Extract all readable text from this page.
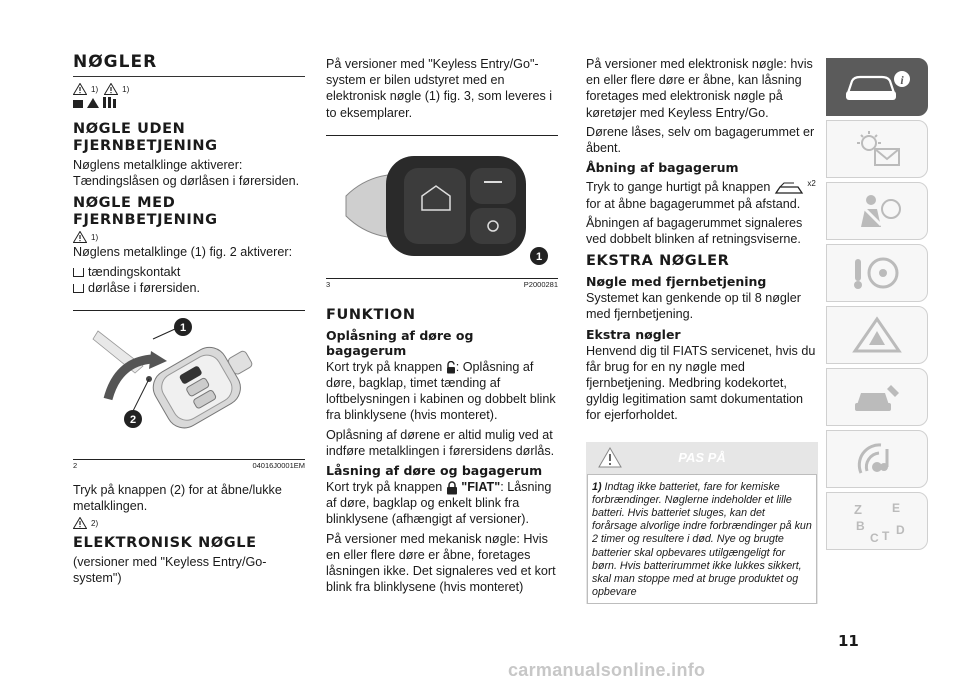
NØGLER
1)	1)
NØGLE UDEN FJERNBETJENING
Nøglens metalklinge aktiverer: Tændingslåsen og dørlåsen i førersiden.
NØGLE MED FJERNBETJENING
1)
Nøglens metalklinge (1) fig. 2 aktiverer:
tændingskontakt
dørlåse i førersiden.
1
2
2	04016J0001EM
Tryk på knappen (2) for at åbne/lukke metalklingen.
2)
ELEKTRONISK NØGLE
(versioner med "Keyless Entry/Go-system")
På versioner med "Keyless Entry/Go"-system er bilen udstyret med en elektronisk nøgle (1) fig. 3, som leveres i to eksemplarer.
1
3	P2000281
FUNKTION
Oplåsning af døre og bagagerum
Kort tryk på knappen : Oplåsning af døre, bagklap, timet tænding af loftbelysningen i kabinen og dobbelt blink fra blinklysene (hvis monteret).
Oplåsning af dørene er altid mulig ved at indføre metalklingen i førersidens dørlås.
Låsning af døre og bagagerum
Kort tryk på knappen "FIAT": Låsning af døre, bagklap og enkelt blink fra blinklysene (afhængigt af versioner).
På versioner med mekanisk nøgle: Hvis en eller flere døre er åbne, foretages låsningen ikke. Det signaleres ved et kort blink fra blinklysene (hvis monteret)
På versioner med elektronisk nøgle: hvis en eller flere døre er åbne, kan låsning foretages med elektronisk nøgle på køretøjer med Keyless Entry/Go.
Dørene låses, selv om bagagerummet er åbent.
Åbning af bagagerum
Tryk to gange hurtigt på knappen	$^{x2}$ for at åbne bagagerummet på afstand.
Åbningen af bagagerummet signaleres ved dobbelt blinken af retningsviserne.
EKSTRA NØGLER
Nøgle med fjernbetjening
Systemet kan genkende op til 8 nøgler med fjernbetjening.
Ekstra nøgler
Henvend dig til FIATS servicenet, hvis du får brug for en ny nøgle med fjernbetjening. Medbring kodekortet, gyldig legitimation samt dokumentation for ejerforholdet.
PAS PÅ
1) Indtag ikke batteriet, fare for kemiske forbrændinger. Nøglerne indeholder et lille batteri. Hvis batteriet sluges, kan det forårsage alvorlige indre forbrændinger på kun 2 timer og resultere i død. Nye og brugte batterier skal opbevares utilgængeligt for børn. Hvis batterirummet ikke lukkes sikkert, skal man stoppe med at bruge produktet og opbevare
i
Z	E
B
C T D
11
carmanualsonline.info
